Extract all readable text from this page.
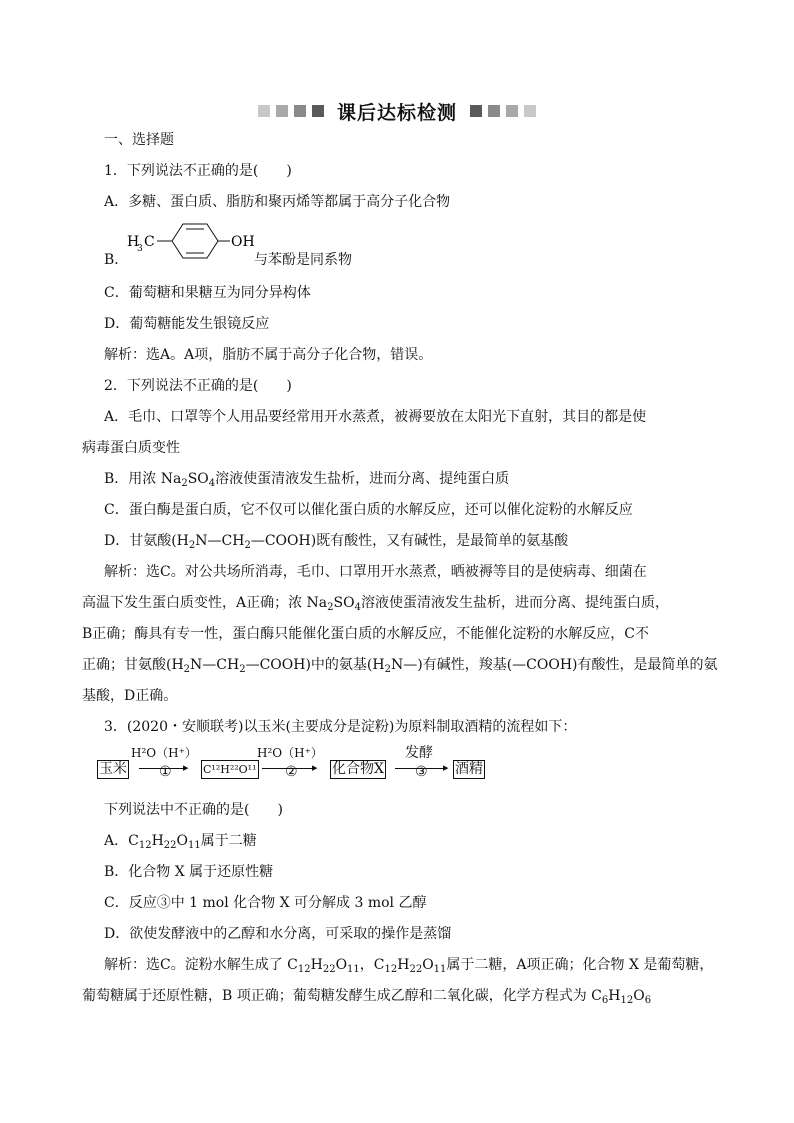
课后达标检测
一、选择题
1．下列说法不正确的是(　　)
A．多糖、蛋白质、脂肪和聚丙烯等都属于高分子化合物
B．
H
3 C	OH
与苯酚是同系物
C．葡萄糖和果糖互为同分异构体
D．葡萄糖能发生银镜反应
解析：选A。A项，脂肪不属于高分子化合物，错误。
2．下列说法不正确的是(　　)
A．毛巾、口罩等个人用品要经常用开水蒸煮，被褥要放在太阳光下直射，其目的都是使
病毒蛋白质变性
B．用浓 $Na_2SO_4$溶液使蛋清液发生盐析，进而分离、提纯蛋白质
C．蛋白酶是蛋白质，它不仅可以催化蛋白质的水解反应，还可以催化淀粉的水解反应
D．甘氨酸$(H_2N—CH_2—COOH)$既有酸性，又有碱性，是最简单的氨基酸
解析：选C。对公共场所消毒，毛巾、口罩用开水蒸煮，晒被褥等目的是使病毒、细菌在
高温下发生蛋白质变性，A正确；浓 $Na_2SO_4$溶液使蛋清液发生盐析，进而分离、提纯蛋白质，
B正确；酶具有专一性，蛋白酶只能催化蛋白质的水解反应，不能催化淀粉的水解反应，C不
正确；甘氨酸$(H_2N—CH_2—COOH)$中的氨基$(H_2N—)$有碱性，羧基(—COOH)有酸性，是最简单的氨
基酸，D正确。
3．(2020・安顺联考)以玉米(主要成分是淀粉)为原料制取酒精的流程如下：
玉米
H²O（H⁺）
▸
①	C¹²H²²O¹¹
H²O（H⁺）
▸
② 化合物X
发酵
▸
③ 酒精
下列说法中不正确的是(　　)
A．$C_{12}H_{22}O_{11}$属于二糖
B．化合物 X 属于还原性糖
C．反应③中 1 mol 化合物 X 可分解成 3 mol 乙醇
D．欲使发酵液中的乙醇和水分离，可采取的操作是蒸馏
解析：选C。淀粉水解生成了 $C_{12}H_{22}O_{11}$，$C_{12}H_{22}O_{11}$属于二糖，A项正确；化合物 X 是葡萄糖，
葡萄糖属于还原性糖，B 项正确；葡萄糖发酵生成乙醇和二氧化碳，化学方程式为 $C_6H_{12}O_6$
